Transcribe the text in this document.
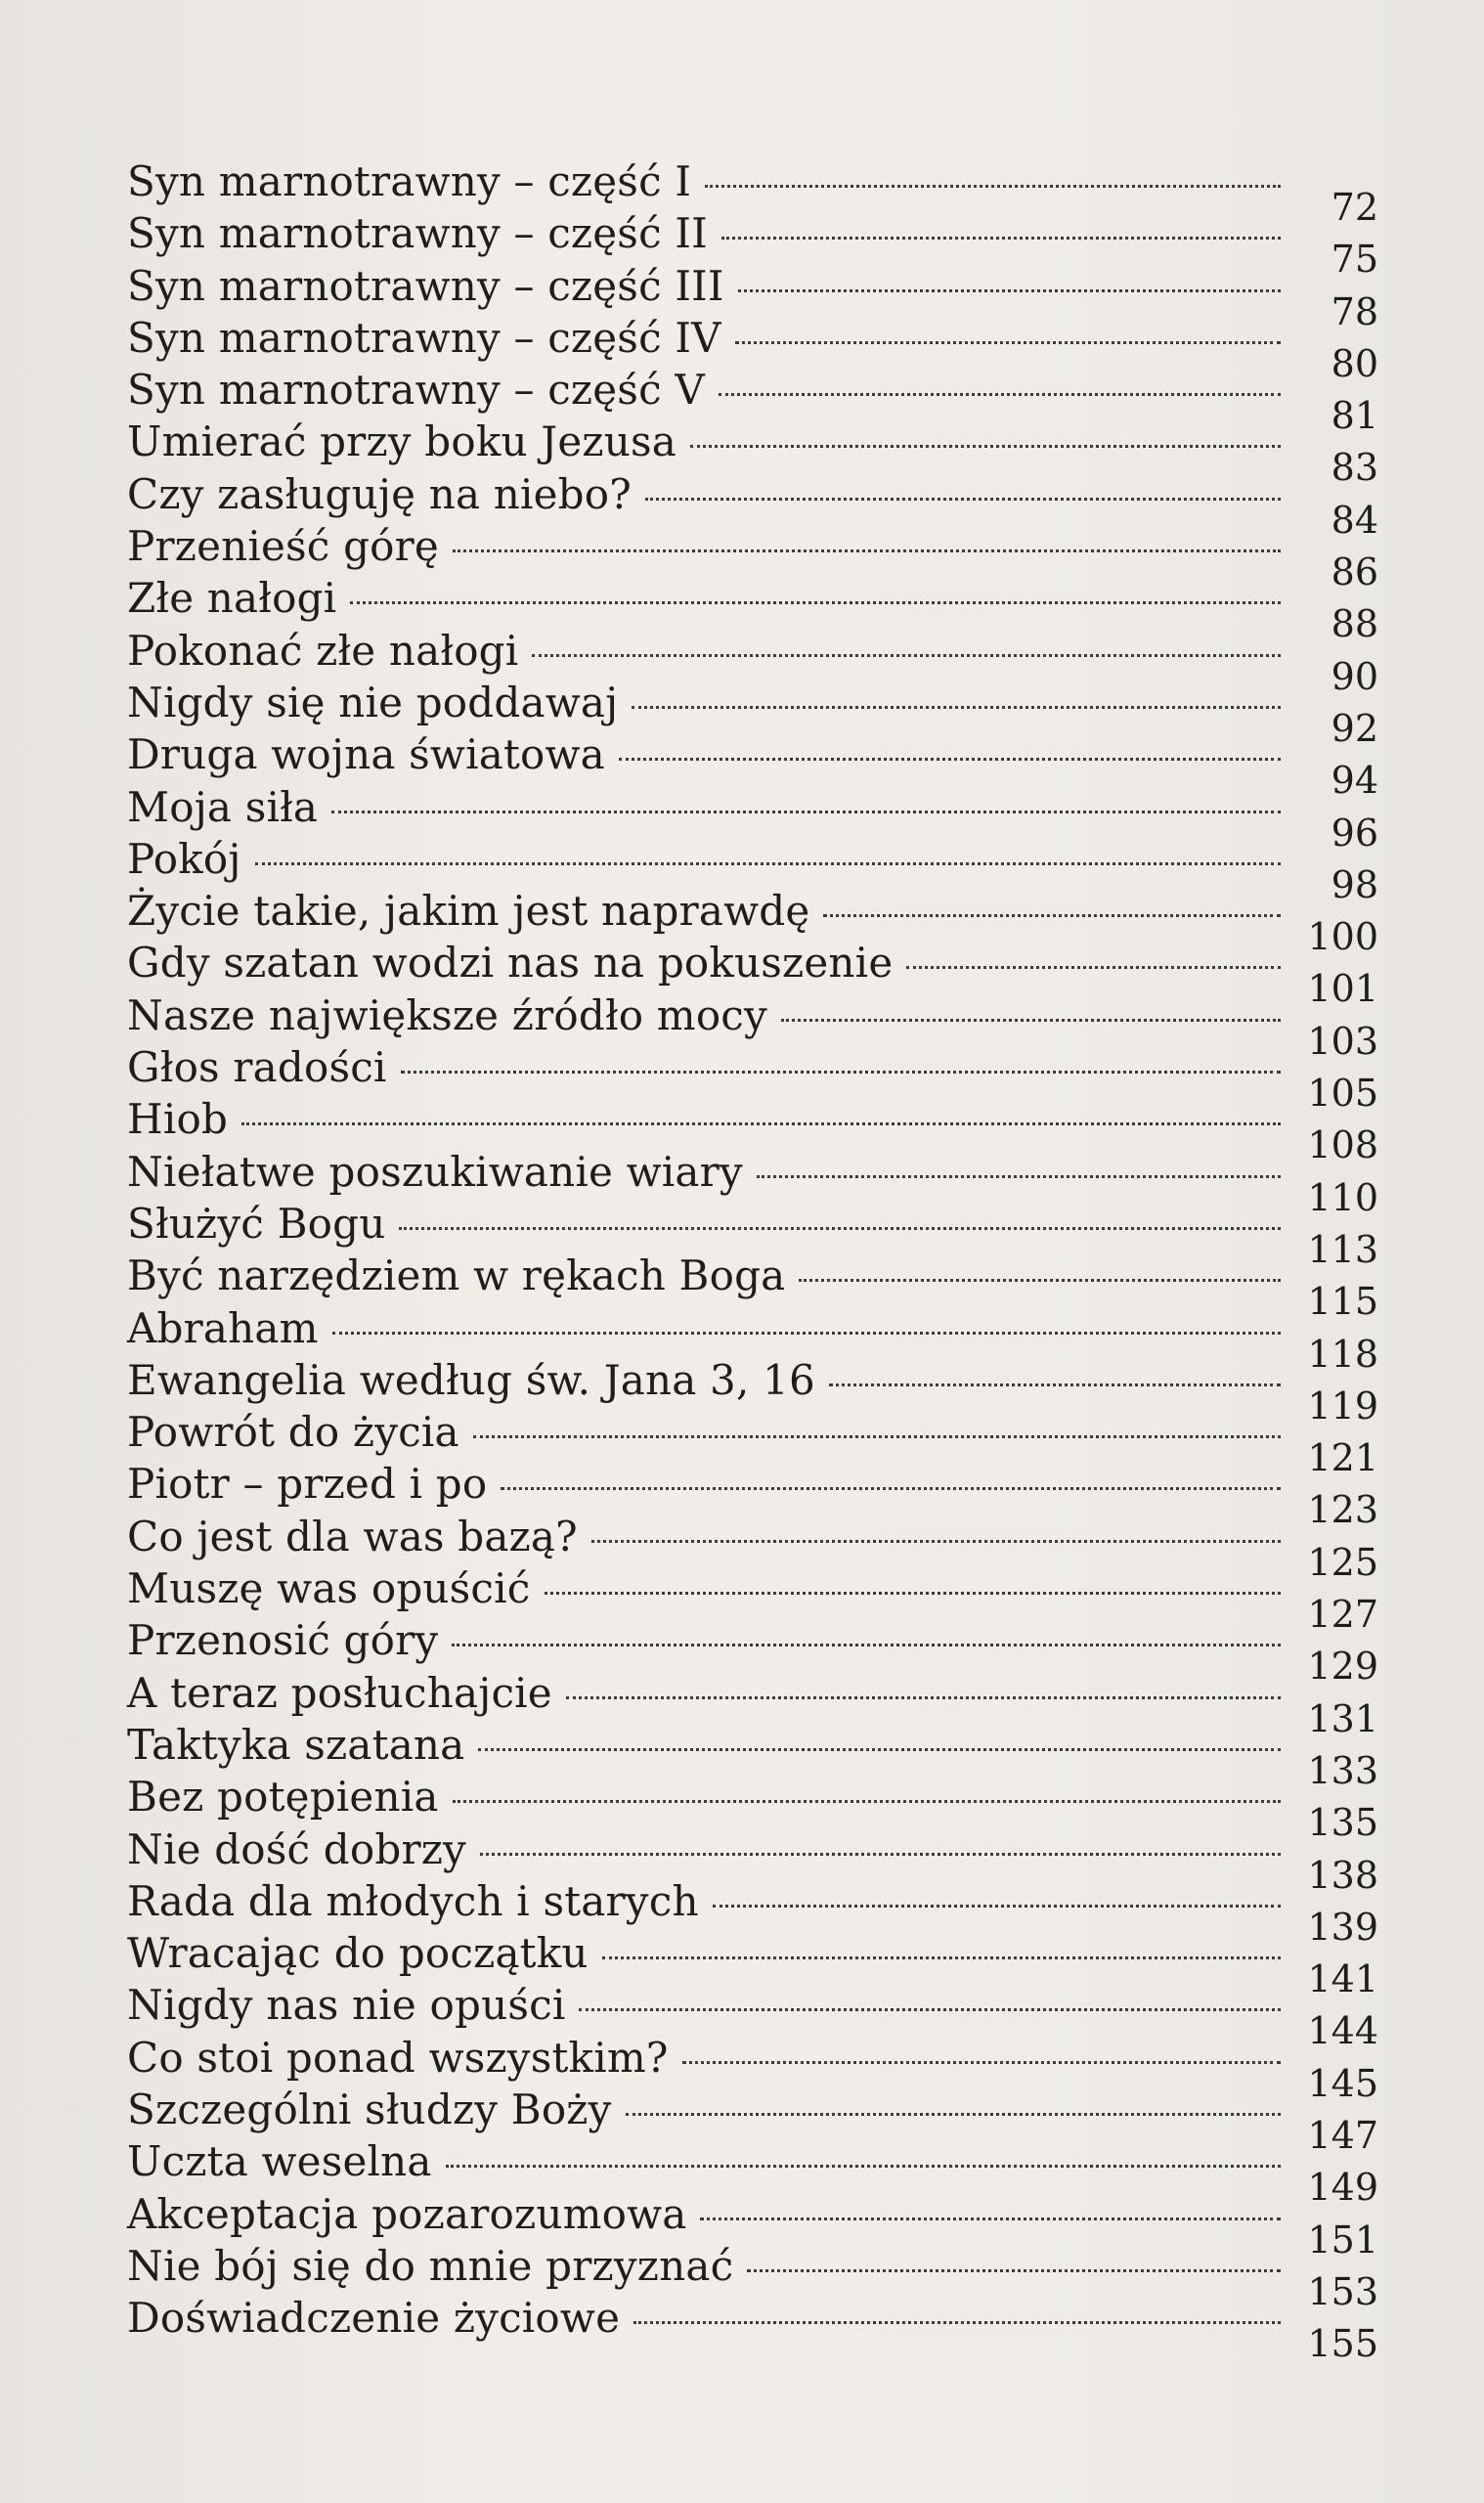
Syn marnotrawny – część I
72
Syn marnotrawny – część II
75
Syn marnotrawny – część III
78
Syn marnotrawny – część IV
80
Syn marnotrawny – część V
81
Umierać przy boku Jezusa
83
Czy zasługuję na niebo?
84
Przenieść górę
86
Złe nałogi
88
Pokonać złe nałogi
90
Nigdy się nie poddawaj
92
Druga wojna światowa
94
Moja siła
96
Pokój
98
Życie takie, jakim jest naprawdę
100
Gdy szatan wodzi nas na pokuszenie
101
Nasze największe źródło mocy
103
Głos radości
105
Hiob
108
Niełatwe poszukiwanie wiary
110
Służyć Bogu
113
Być narzędziem w rękach Boga
115
Abraham
118
Ewangelia według św. Jana 3, 16
119
Powrót do życia
121
Piotr – przed i po
123
Co jest dla was bazą?
125
Muszę was opuścić
127
Przenosić góry
129
A teraz posłuchajcie
131
Taktyka szatana
133
Bez potępienia
135
Nie dość dobrzy
138
Rada dla młodych i starych
139
Wracając do początku
141
Nigdy nas nie opuści
144
Co stoi ponad wszystkim?
145
Szczególni słudzy Boży
147
Uczta weselna
149
Akceptacja pozarozumowa
151
Nie bój się do mnie przyznać
153
Doświadczenie życiowe
155
